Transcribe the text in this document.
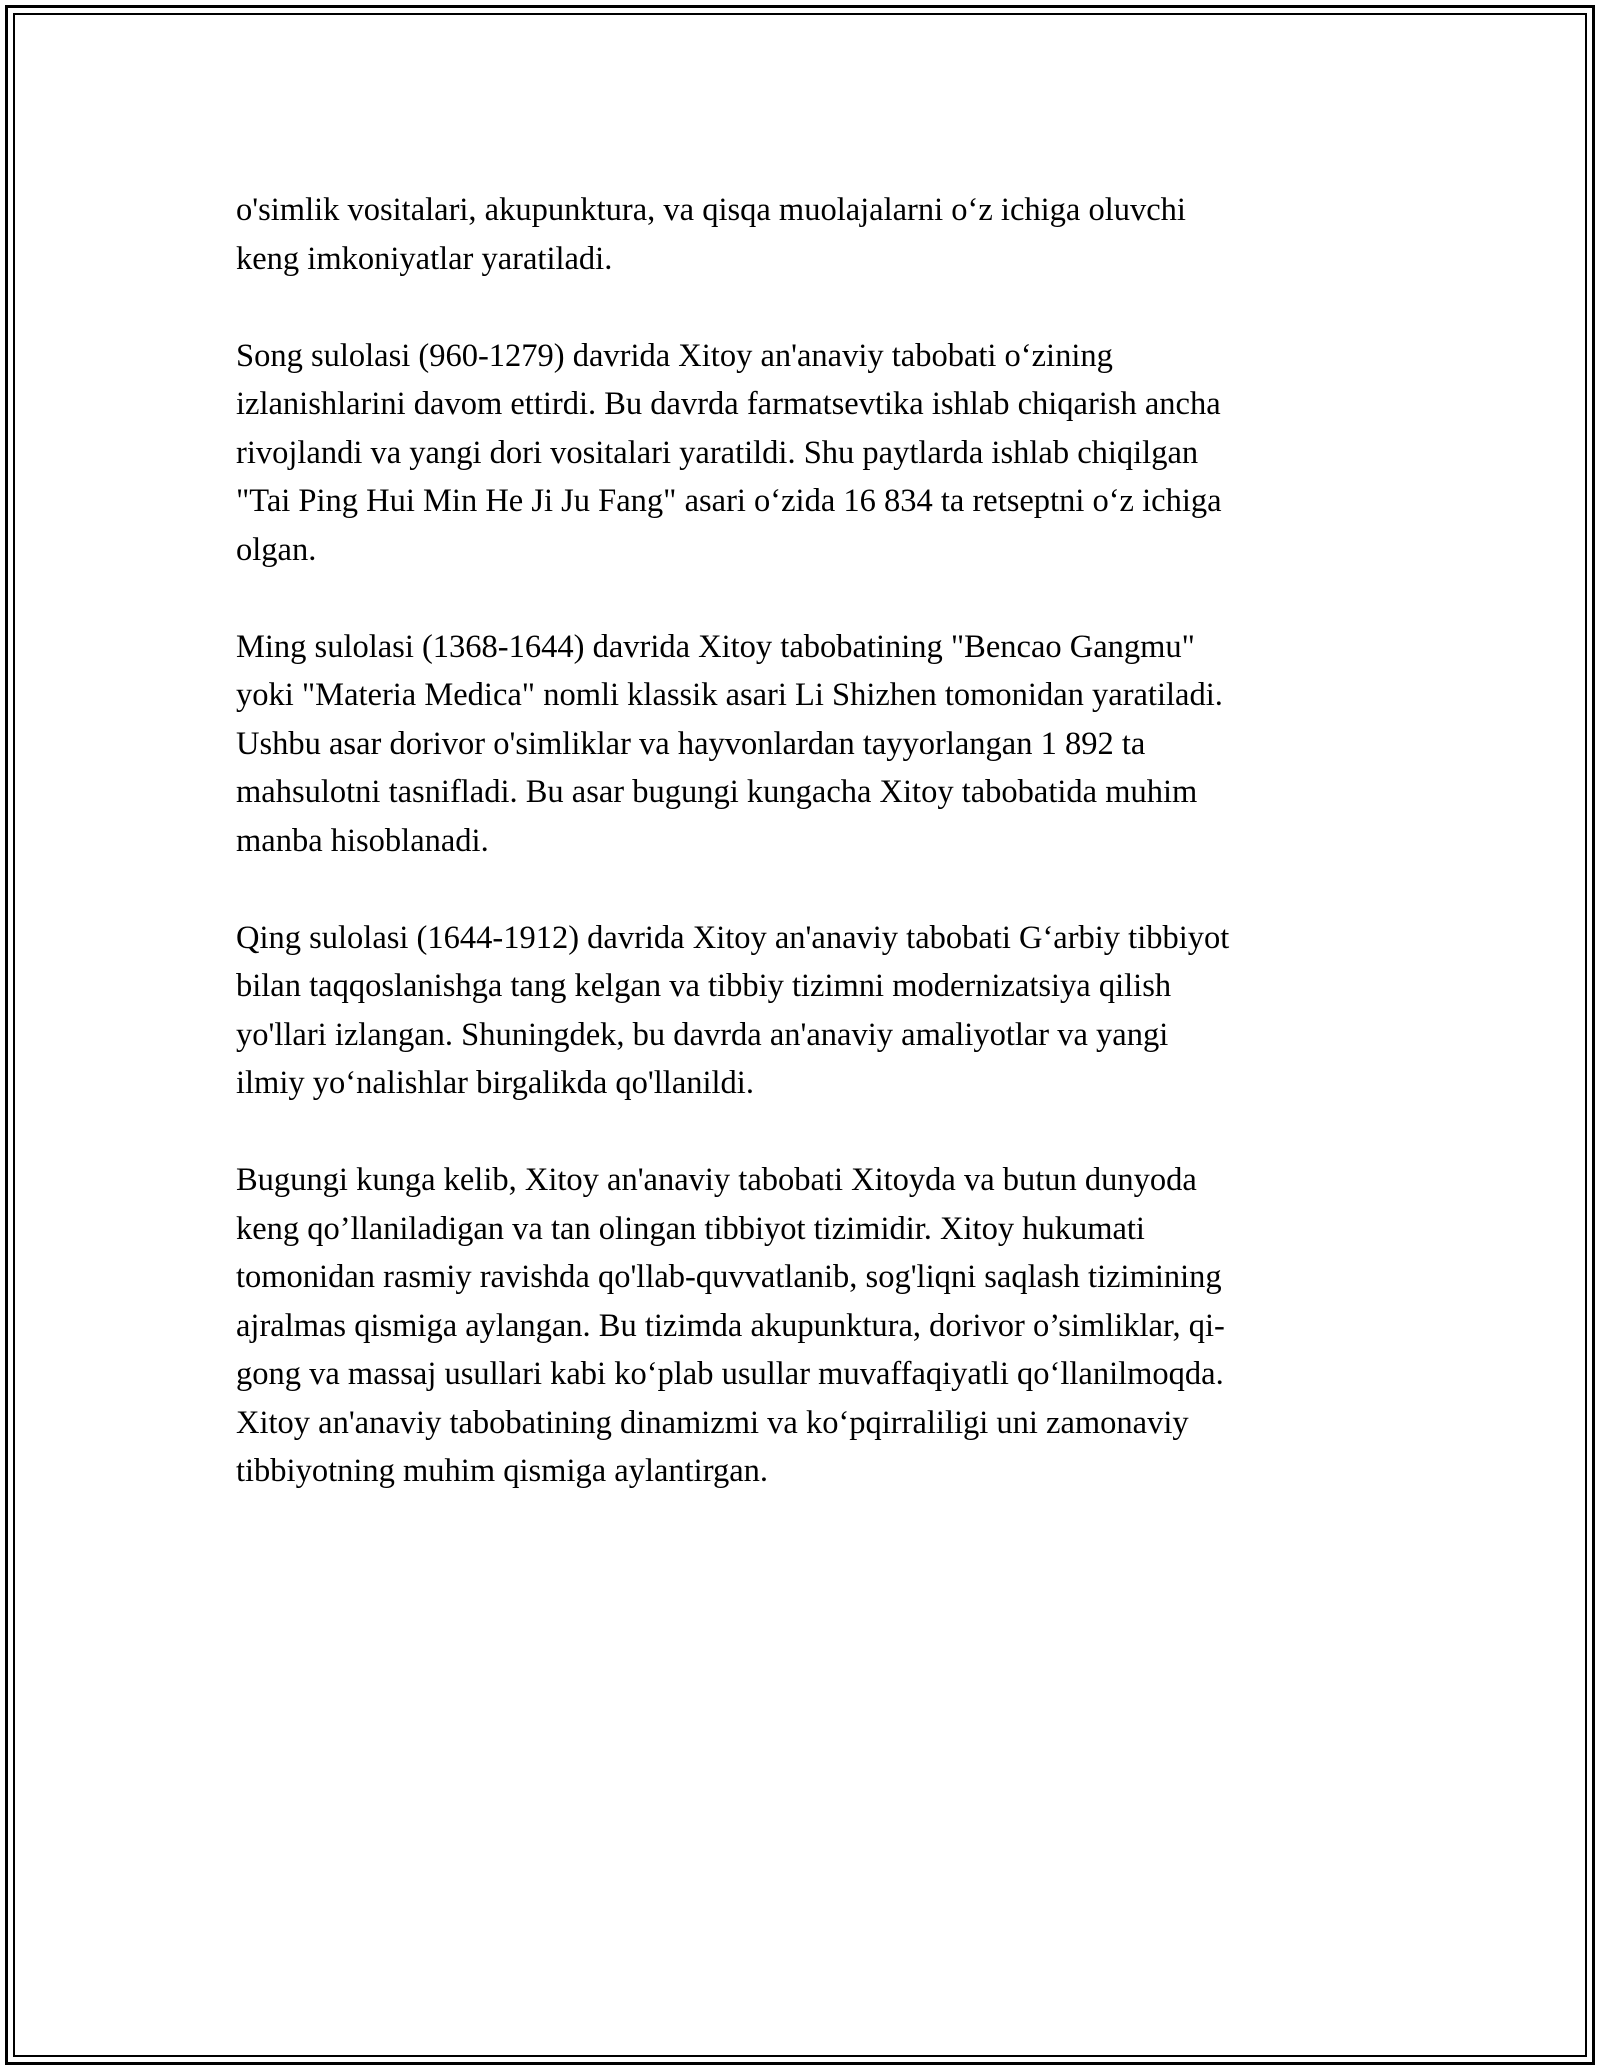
o'simlik vositalari, akupunktura, va qisqa muolajalarni o‘z ichiga oluvchi
keng imkoniyatlar yaratiladi.

Song sulolasi (960-1279) davrida Xitoy an'anaviy tabobati o‘zining
izlanishlarini davom ettirdi. Bu davrda farmatsevtika ishlab chiqarish ancha
rivojlandi va yangi dori vositalari yaratildi. Shu paytlarda ishlab chiqilgan
"Tai Ping Hui Min He Ji Ju Fang" asari o‘zida 16 834 ta retseptni o‘z ichiga
olgan.

Ming sulolasi (1368-1644) davrida Xitoy tabobatining "Bencao Gangmu"
yoki "Materia Medica" nomli klassik asari Li Shizhen tomonidan yaratiladi.
Ushbu asar dorivor o'simliklar va hayvonlardan tayyorlangan 1 892 ta
mahsulotni tasnifladi. Bu asar bugungi kungacha Xitoy tabobatida muhim
manba hisoblanadi.

Qing sulolasi (1644-1912) davrida Xitoy an'anaviy tabobati G‘arbiy tibbiyot
bilan taqqoslanishga tang kelgan va tibbiy tizimni modernizatsiya qilish
yo'llari izlangan. Shuningdek, bu davrda an'anaviy amaliyotlar va yangi
ilmiy yo‘nalishlar birgalikda qo'llanildi.

Bugungi kunga kelib, Xitoy an'anaviy tabobati Xitoyda va butun dunyoda
keng qo’llaniladigan va tan olingan tibbiyot tizimidir. Xitoy hukumati
tomonidan rasmiy ravishda qo'llab-quvvatlanib, sog'liqni saqlash tizimining
ajralmas qismiga aylangan. Bu tizimda akupunktura, dorivor o’simliklar, qi-
gong va massaj usullari kabi ko‘plab usullar muvaffaqiyatli qo‘llanilmoqda.
Xitoy an'anaviy tabobatining dinamizmi va ko‘pqirraliligi uni zamonaviy
tibbiyotning muhim qismiga aylantirgan.
